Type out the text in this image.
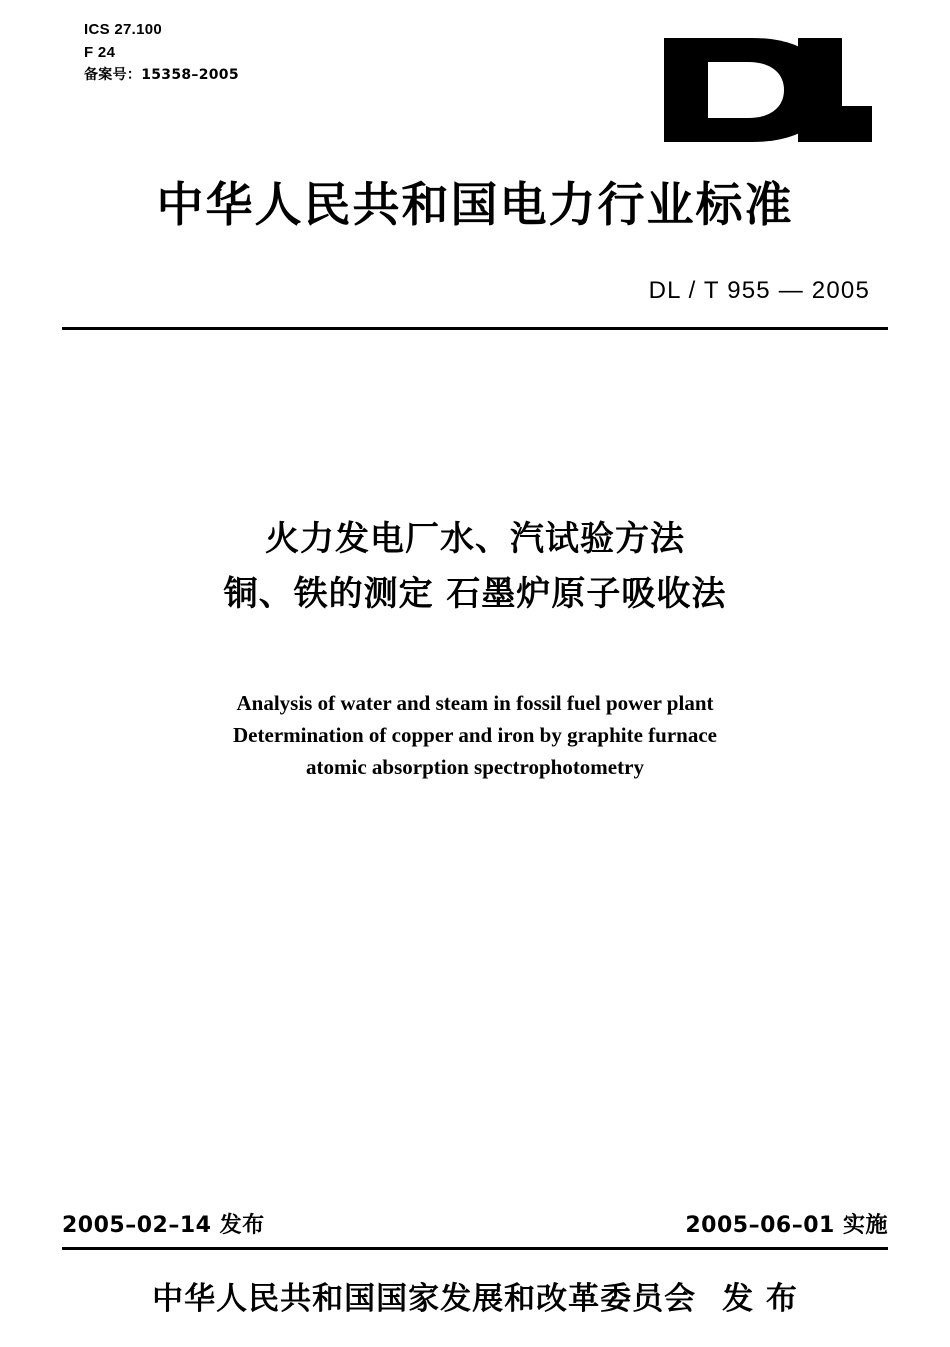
ICS 27.100
F 24
备案号：15358–2005
中华人民共和国电力行业标准
DL / T 955 — 2005
火力发电厂水、汽试验方法
铜、铁的测定 石墨炉原子吸收法
Analysis of water and steam in fossil fuel power plant
Determination of copper and iron by graphite furnace
atomic absorption spectrophotometry
2005–02–14 发布	2005–06–01 实施
中华人民共和国国家发展和改革委员会 发 布
